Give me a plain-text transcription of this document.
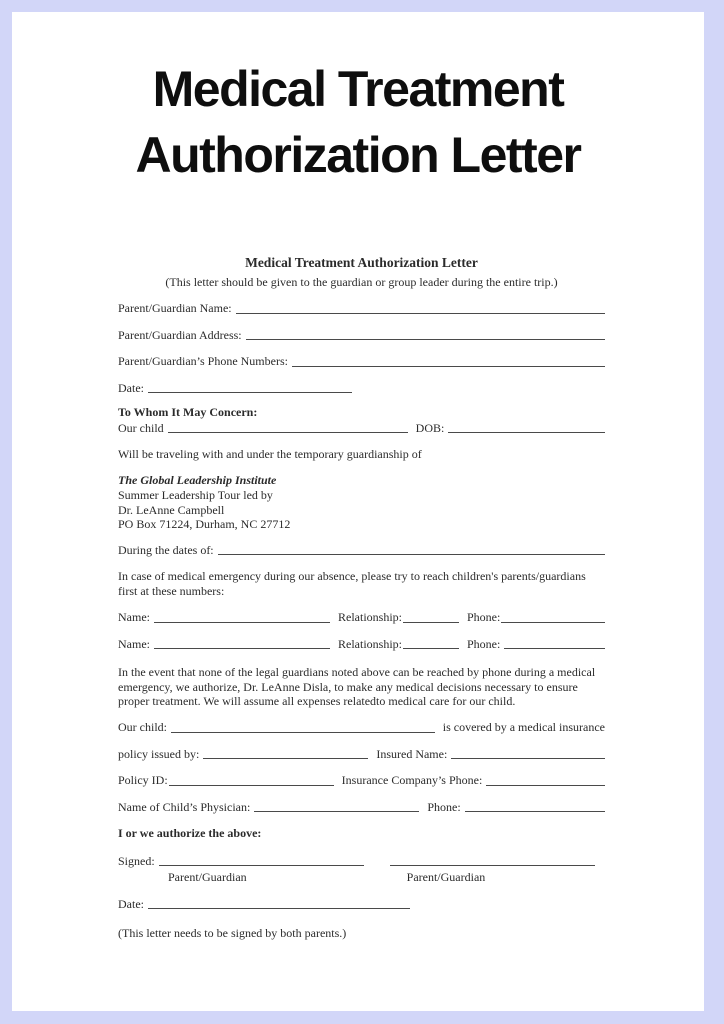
Medical Treatment
Authorization Letter
Medical Treatment Authorization Letter
(This letter should be given to the guardian or group leader during the entire trip.)
Parent/Guardian Name:
Parent/Guardian Address:
Parent/Guardian’s Phone Numbers:
Date:
To Whom It May Concern:
Our child	DOB:
Will be traveling with and under the temporary guardianship of
The Global Leadership Institute
Summer Leadership Tour led by
Dr. LeAnne Campbell
PO Box 71224, Durham, NC 27712
During the dates of:
In case of medical emergency during our absence, please try to reach children's parents/guardians first at these numbers:
Name:	Relationship:	Phone:
Name:	Relationship:	Phone:
In the event that none of the legal guardians noted above can be reached by phone during a medical emergency, we authorize, Dr. LeAnne Disla, to make any medical decisions necessary to ensure proper treatment. We will assume all expenses relatedto medical care for our child.
Our child:	is covered by a medical insurance
policy issued by:	Insured Name:
Policy ID:	Insurance Company’s Phone:
Name of Child’s Physician:	Phone:
I or we authorize the above:
Signed:
Parent/Guardian	Parent/Guardian
Date:
(This letter needs to be signed by both parents.)
